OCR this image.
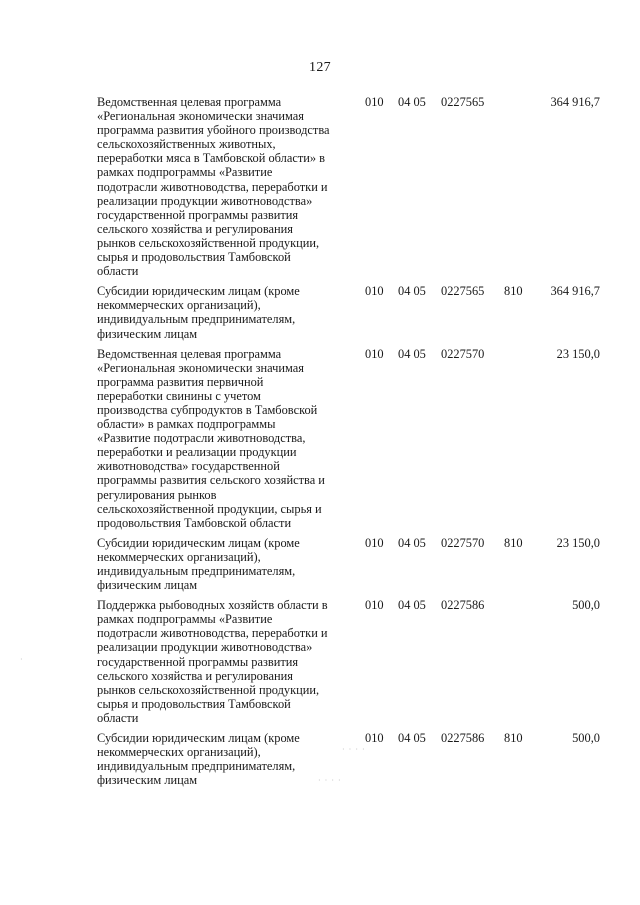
127
Ведомственная целевая программа
«Региональная экономически значимая
программа развития убойного производства
сельскохозяйственных животных,
переработки мяса в Тамбовской области» в
рамках подпрограммы «Развитие
подотрасли животноводства, переработки и
реализации продукции животноводства»
государственной программы развития
сельского хозяйства и регулирования
рынков сельскохозяйственной продукции,
сырья и продовольствия Тамбовской
области
010 04 05 0227565	364 916,7
Субсидии юридическим лицам (кроме
некоммерческих организаций),
индивидуальным предпринимателям,
физическим лицам
010 04 05 0227565 810 364 916,7
Ведомственная целевая программа
«Региональная экономически значимая
программа развития первичной
переработки свинины с учетом
производства субпродуктов в Тамбовской
области» в рамках подпрограммы
«Развитие подотрасли животноводства,
переработки и реализации продукции
животноводства» государственной
программы развития сельского хозяйства и
регулирования рынков
сельскохозяйственной продукции, сырья и
продовольствия Тамбовской области
010 04 05 0227570	23 150,0
Субсидии юридическим лицам (кроме
некоммерческих организаций),
индивидуальным предпринимателям,
физическим лицам
010 04 05 0227570 810	23 150,0
Поддержка рыбоводных хозяйств области в
рамках подпрограммы «Развитие
подотрасли животноводства, переработки и
реализации продукции животноводства»
государственной программы развития
сельского хозяйства и регулирования
рынков сельскохозяйственной продукции,
сырья и продовольствия Тамбовской
области
010 04 05 0227586	500,0
Субсидии юридическим лицам (кроме
некоммерческих организаций),
индивидуальным предпринимателям,
физическим лицам
010 04 05 0227586 810	500,0
· · · ·
· · · ·
·
